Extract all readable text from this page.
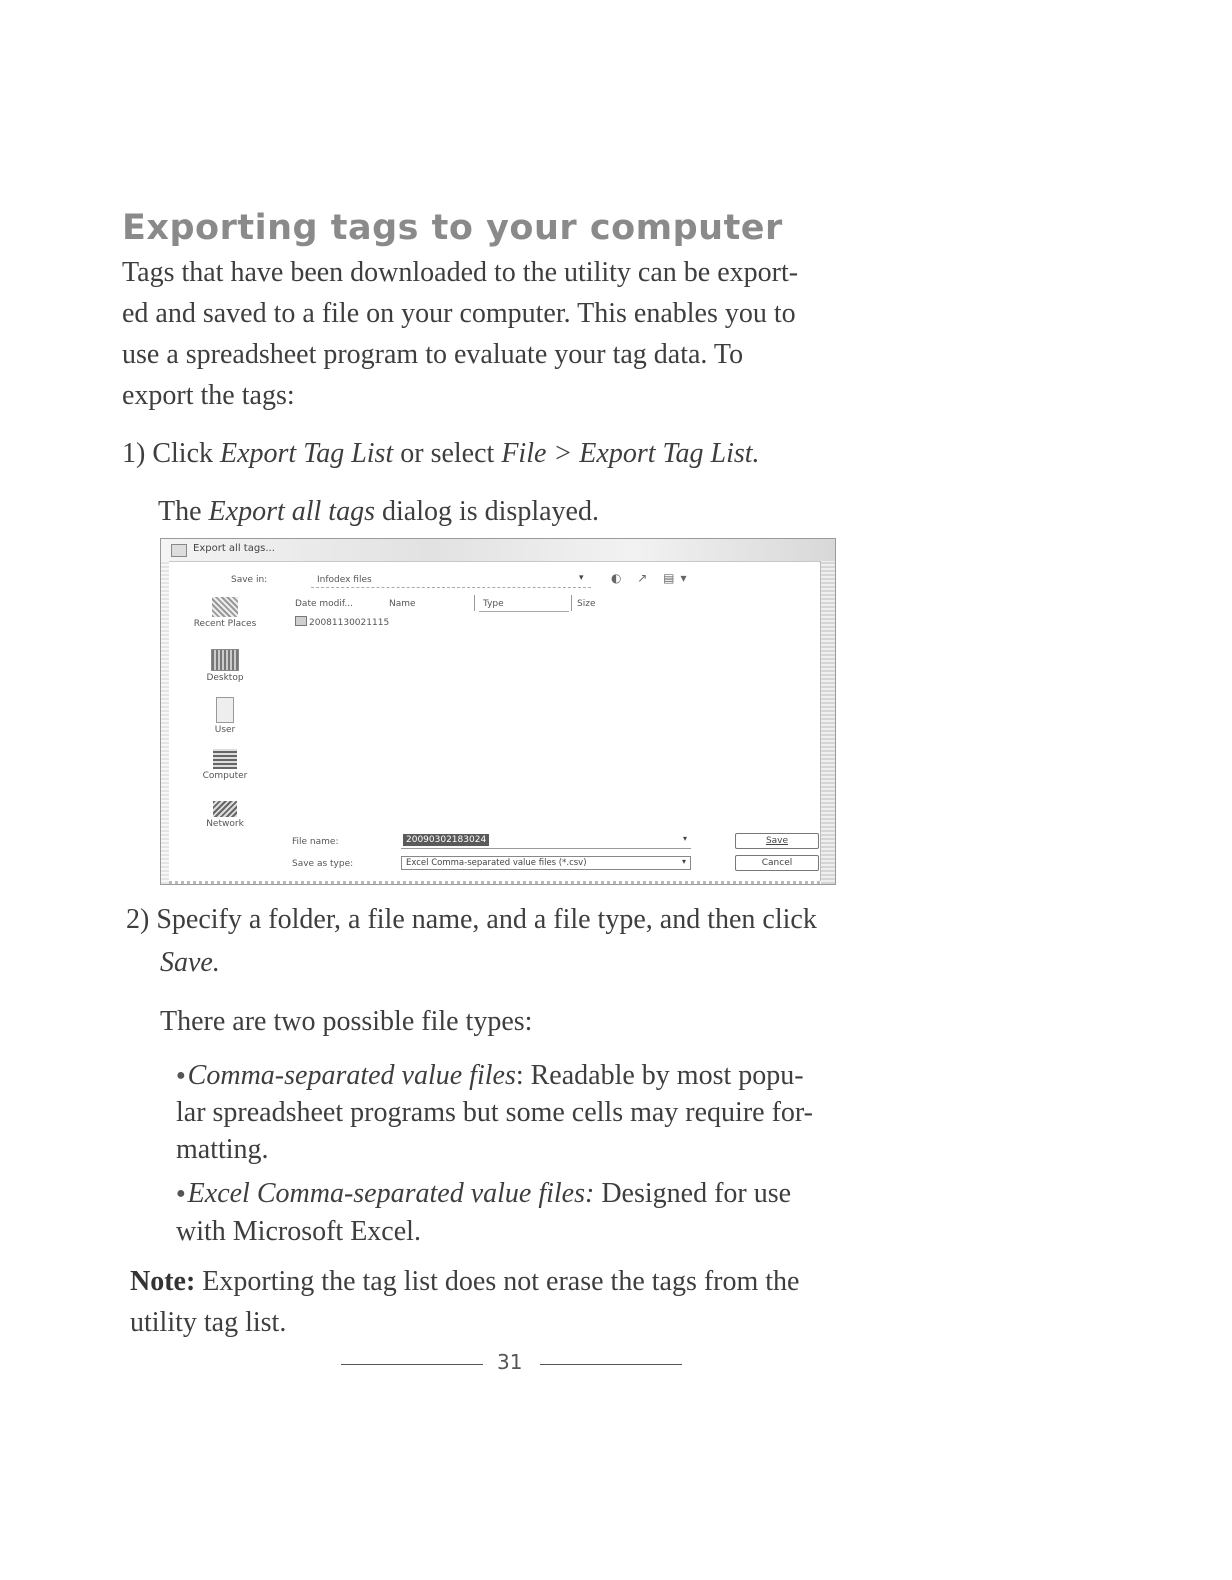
Exporting tags to your computer
Tags that have been downloaded to the utility can be export-
ed and saved to a file on your computer. This enables you to
use a spreadsheet program to evaluate your tag data. To
export the tags:
1) Click Export Tag List or select File > Export Tag List.
The Export all tags dialog is displayed.
Export all tags...
Save in:	Infodex files	▾ ◐ ↗ ▤▾
Date modif...	Name	Type	Size
20081130021115
Recent Places
Desktop
User
Computer
Network
File name:	20090302183024	▾
Save as type:	Excel Comma-separated value files (*.csv)	▾
Save
Cancel
2) Specify a folder, a file name, and a file type, and then click
Save.
There are two possible file types:
●Comma-separated value files: Readable by most popu-
lar spreadsheet programs but some cells may require for-
matting.
●Excel Comma-separated value files: Designed for use
with Microsoft Excel.
Note: Exporting the tag list does not erase the tags from the
utility tag list.
31
